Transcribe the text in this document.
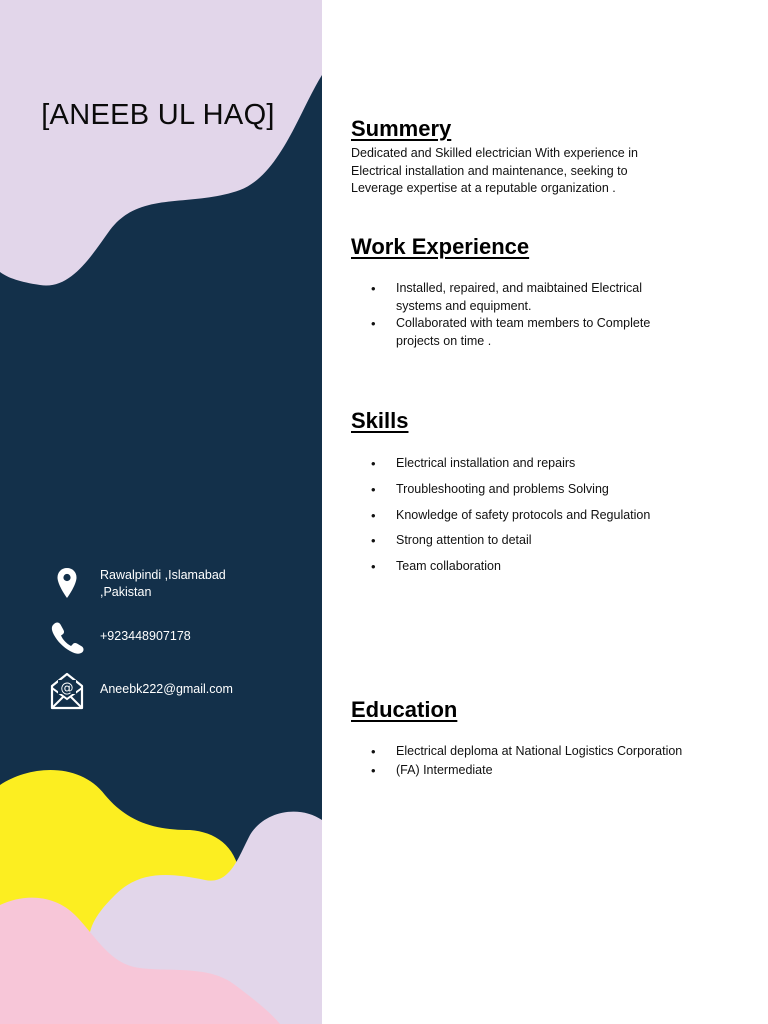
[ANEEB UL HAQ]
Rawalpindi ,Islamabad ,Pakistan
+923448907178
@ Aneebk222@gmail.com
Summery

Dedicated and Skilled electrician With experience in Electrical installation and maintenance, seeking to Leverage expertise at a reputable organization .

Work Experience
• Installed, repaired, and maibtained Electrical systems and equipment.
• Collaborated with team members to Complete projects on time .
Skills
• Electrical installation and repairs
• Troubleshooting and problems Solving
• Knowledge of safety protocols and Regulation
• Strong attention to detail
• Team collaboration
Education
• Electrical deploma at National Logistics Corporation
• (FA) Intermediate
